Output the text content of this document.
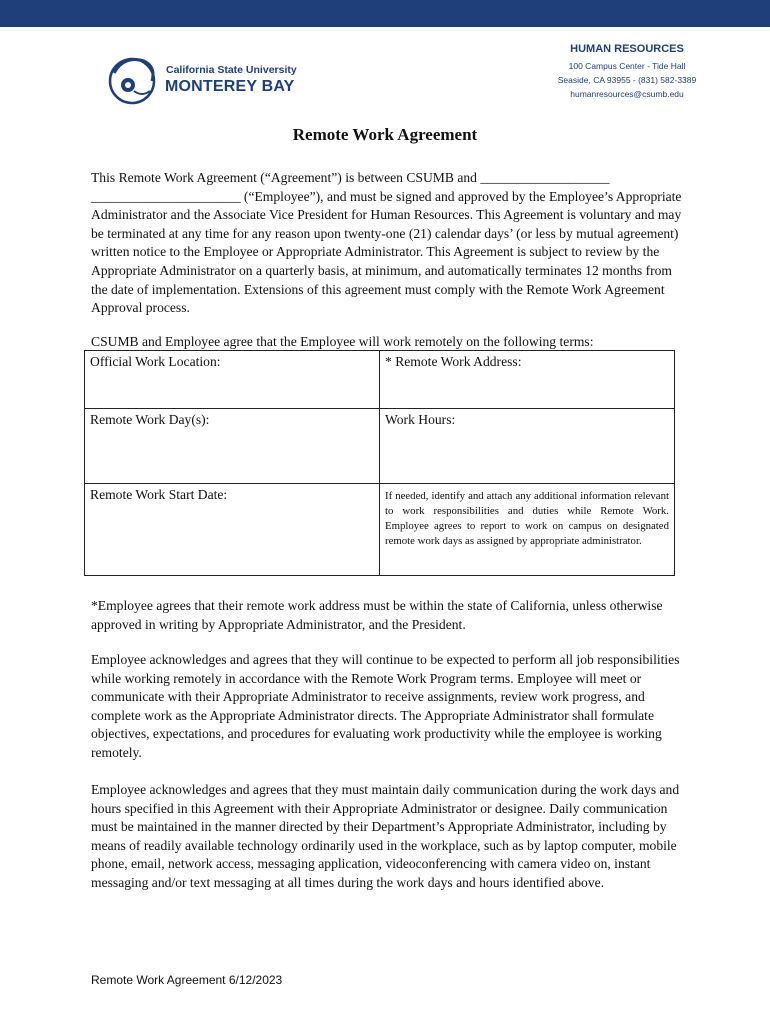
California State University
MONTEREY BAY
HUMAN RESOURCES
100 Campus Center - Tide Hall
Seaside, CA 93955 - (831) 582-3389
humanresources@csumb.edu
Remote Work Agreement
This Remote Work Agreement (“Agreement”) is between CSUMB and ___________________ ______________________ (“Employee”), and must be signed and approved by the Employee’s Appropriate Administrator and the Associate Vice President for Human Resources. This Agreement is voluntary and may be terminated at any time for any reason upon twenty-one (21) calendar days’ (or less by mutual agreement) written notice to the Employee or Appropriate Administrator. This Agreement is subject to review by the Appropriate Administrator on a quarterly basis, at minimum, and automatically terminates 12 months from the date of implementation. Extensions of this agreement must comply with the Remote Work Agreement Approval process.
CSUMB and Employee agree that the Employee will work remotely on the following terms:
Official Work Location:	* Remote Work Address:
Remote Work Day(s):	Work Hours:
Remote Work Start Date:	If needed, identify and attach any additional information relevant to work responsibilities and duties while Remote Work. Employee agrees to report to work on campus on designated remote work days as assigned by appropriate administrator.
*Employee agrees that their remote work address must be within the state of California, unless otherwise approved in writing by Appropriate Administrator, and the President.
Employee acknowledges and agrees that they will continue to be expected to perform all job responsibilities while working remotely in accordance with the Remote Work Program terms. Employee will meet or communicate with their Appropriate Administrator to receive assignments, review work progress, and complete work as the Appropriate Administrator directs. The Appropriate Administrator shall formulate objectives, expectations, and procedures for evaluating work productivity while the employee is working remotely.
Employee acknowledges and agrees that they must maintain daily communication during the work days and hours specified in this Agreement with their Appropriate Administrator or designee. Daily communication must be maintained in the manner directed by their Department’s Appropriate Administrator, including by means of readily available technology ordinarily used in the workplace, such as by laptop computer, mobile phone, email, network access, messaging application, videoconferencing with camera video on, instant messaging and/or text messaging at all times during the work days and hours identified above.
Remote Work Agreement 6/12/2023
